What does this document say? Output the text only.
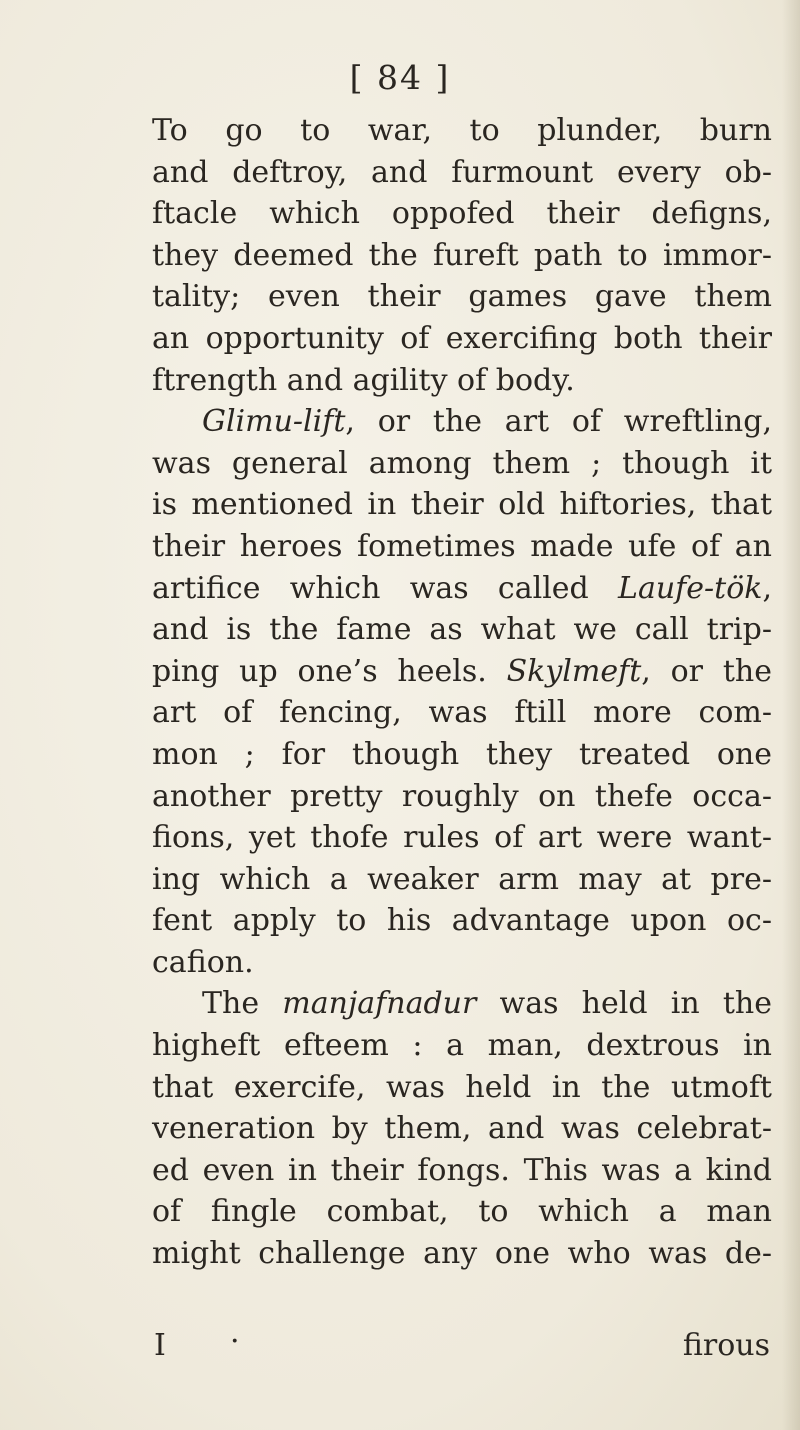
[ 84 ]
To go to war, to plunder, burn
and deftroy, and furmount every ob-
ftacle which oppofed their defigns,
they deemed the fureft path to immor-
tality; even their games gave them
an opportunity of exercifing both their
ftrength and agility of body.
Glimu-lift, or the art of wreftling,
was general among them ; though it
is mentioned in their old hiftories, that
their heroes fometimes made ufe of an
artifice which was called Laufe-tök,
and is the fame as what we call trip-
ping up one’s heels. Skylmeft, or the
art of fencing, was ftill more com-
mon ; for though they treated one
another pretty roughly on thefe occa-
fions, yet thofe rules of art were want-
ing which a weaker arm may at pre-
fent apply to his advantage upon oc-
cafion.
The manjafnadur was held in the
higheft efteem : a man, dextrous in
that exercife, was held in the utmoft
veneration by them, and was celebrat-
ed even in their fongs. This was a kind
of fingle combat, to which a man
might challenge any one who was de-
I ·	firous
